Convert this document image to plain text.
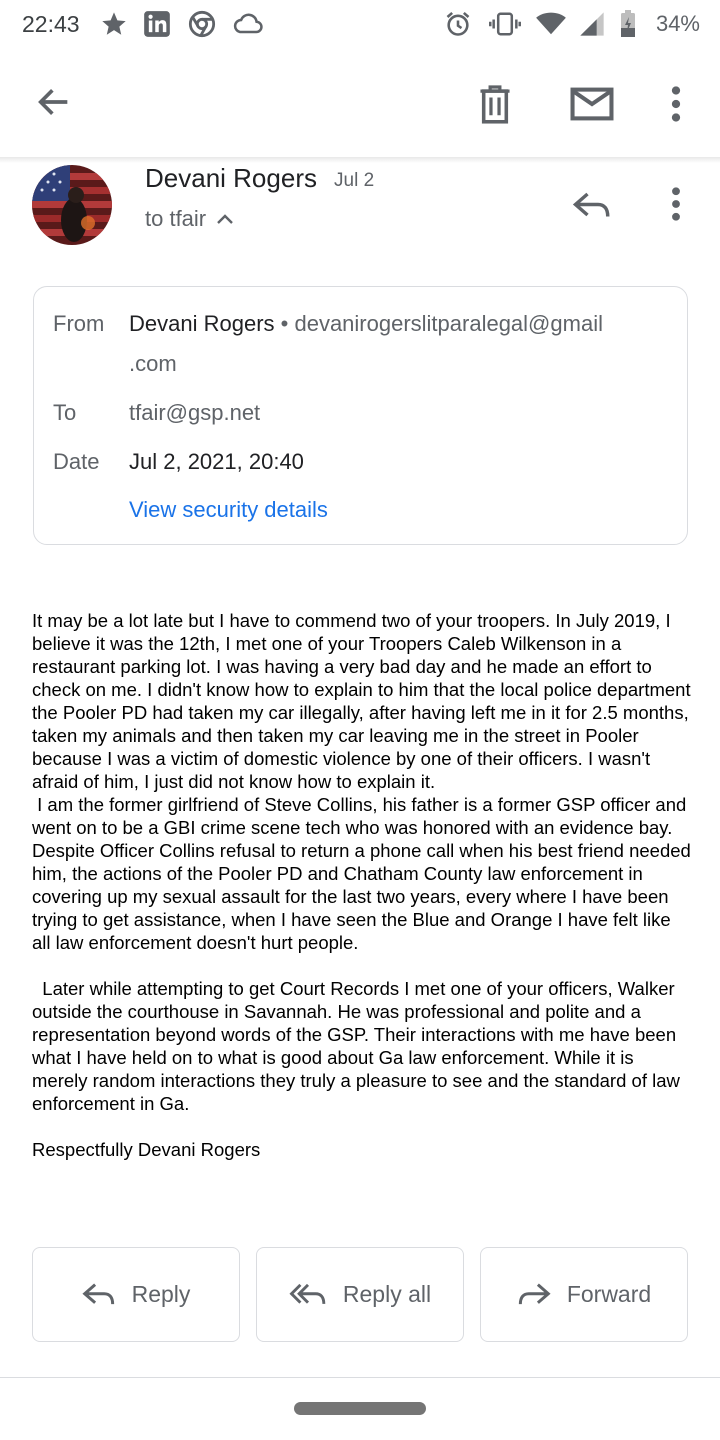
22:43	34%
Devani Rogers Jul 2
to tfair
From Devani Rogers • devanirogerslitparalegal@gmail
.com
To tfair@gsp.net
Date Jul 2, 2021, 20:40
View security details

It may be a lot late but I have to commend two of your troopers. In July 2019, I believe it was the 12th, I met one of your Troopers Caleb Wilkenson in a restaurant parking lot. I was having a very bad day and he made an effort to check on me. I didn't know how to explain to him that the local police department the Pooler PD had taken my car illegally, after having left me in it for 2.5 months, taken my animals and then taken my car leaving me in the street in Pooler because I was a victim of domestic violence by one of their officers. I wasn't afraid of him, I just did not know how to explain it.

I am the former girlfriend of Steve Collins, his father is a former GSP officer and went on to be a GBI crime scene tech who was honored with an evidence bay. Despite Officer Collins refusal to return a phone call when his best friend needed him, the actions of the Pooler PD and Chatham County law enforcement in covering up my sexual assault for the last two years, every where I have been trying to get assistance, when I have seen the Blue and Orange I have felt like all law enforcement doesn't hurt people.

Later while attempting to get Court Records I met one of your officers, Walker outside the courthouse in Savannah. He was professional and polite and a representation beyond words of the GSP. Their interactions with me have been what I have held on to what is good about Ga law enforcement. While it is merely random interactions they truly a pleasure to see and the standard of law enforcement in Ga.

Respectfully Devani Rogers

Reply	Reply all	Forward
